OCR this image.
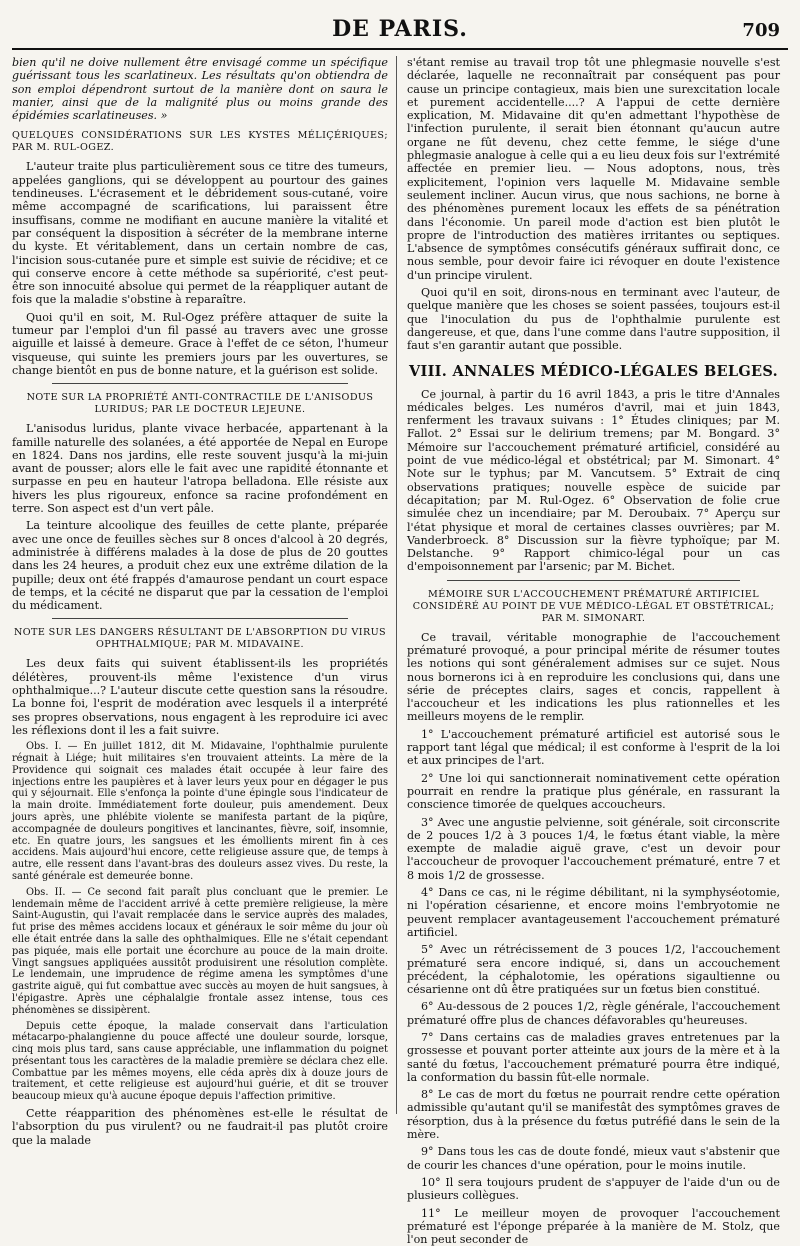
DE PARIS.	709

bien qu'il ne doive nullement être envisagé comme un spécifique guérissant tous les scarlatineux. Les résultats qu'on obtiendra de son emploi dépendront surtout de la manière dont on saura le manier, ainsi que de la malignité plus ou moins grande des épidémies scarlatineuses. »

QUELQUES CONSIDÉRATIONS SUR LES KYSTES MÉLIÇÉRIQUES; PAR M. RUL-OGEZ.

L'auteur traite plus particulièrement sous ce titre des tumeurs, appelées ganglions, qui se développent au pourtour des gaines tendineuses. L'écrasement et le débridement sous-cutané, voire même accompagné de scarifications, lui paraissent être insuffisans, comme ne modifiant en aucune manière la vitalité et par conséquent la disposition à sécréter de la membrane interne du kyste. Et véritablement, dans un certain nombre de cas, l'incision sous-cutanée pure et simple est suivie de récidive; et ce qui conserve encore à cette méthode sa supériorité, c'est peut-être son innocuité absolue qui permet de la réappliquer autant de fois que la maladie s'obstine à reparaître.

Quoi qu'il en soit, M. Rul-Ogez préfère attaquer de suite la tumeur par l'emploi d'un fil passé au travers avec une grosse aiguille et laissé à demeure. Grace à l'effet de ce séton, l'humeur visqueuse, qui suinte les premiers jours par les ouvertures, se change bientôt en pus de bonne nature, et la guérison est solide.

NOTE SUR LA PROPRIÉTÉ ANTI-CONTRACTILE DE L'ANISODUS LURIDUS; PAR LE DOCTEUR LEJEUNE.

L'anisodus luridus, plante vivace herbacée, appartenant à la famille naturelle des solanées, a été apportée de Nepal en Europe en 1824. Dans nos jardins, elle reste souvent jusqu'à la mi-juin avant de pousser; alors elle le fait avec une rapidité étonnante et surpasse en peu en hauteur l'atropa belladona. Elle résiste aux hivers les plus rigoureux, enfonce sa racine profondément en terre. Son aspect est d'un vert pâle.

La teinture alcoolique des feuilles de cette plante, préparée avec une once de feuilles sèches sur 8 onces d'alcool à 20 degrés, administrée à différens malades à la dose de plus de 20 gouttes dans les 24 heures, a produit chez eux une extrême dilation de la pupille; deux ont été frappés d'amaurose pendant un court espace de temps, et la cécité ne disparut que par la cessation de l'emploi du médicament.

NOTE SUR LES DANGERS RÉSULTANT DE L'ABSORPTION DU VIRUS OPHTHALMIQUE; PAR M. MIDAVAINE.

Les deux faits qui suivent établissent-ils les propriétés délétères, prouvent-ils même l'existence d'un virus ophthalmique...? L'auteur discute cette question sans la résoudre. La bonne foi, l'esprit de modération avec lesquels il a interprété ses propres observations, nous engagent à les reproduire ici avec les réflexions dont il les a fait suivre.

Obs. I. — En juillet 1812, dit M. Midavaine, l'ophthalmie purulente régnait à Liége; huit militaires s'en trouvaient atteints. La mère de la Providence qui soignait ces malades était occupée à leur faire des injections entre les paupières et à laver leurs yeux pour en dégager le pus qui y séjournait. Elle s'enfonça la pointe d'une épingle sous l'indicateur de la main droite. Immédiatement forte douleur, puis amendement. Deux jours après, une phlébite violente se manifesta partant de la piqûre, accompagnée de douleurs pongitives et lancinantes, fièvre, soif, insomnie, etc. En quatre jours, les sangsues et les émollients mirent fin à ces accidens. Mais aujourd'hui encore, cette religieuse assure que, de temps à autre, elle ressent dans l'avant-bras des douleurs assez vives. Du reste, la santé générale est demeurée bonne.

Obs. II. — Ce second fait paraît plus concluant que le premier. Le lendemain même de l'accident arrivé à cette première religieuse, la mère Saint-Augustin, qui l'avait remplacée dans le service auprès des malades, fut prise des mêmes accidens locaux et généraux le soir même du jour où elle était entrée dans la salle des ophthalmiques. Elle ne s'était cependant pas piquée, mais elle portait une écorchure au pouce de la main droite. Vingt sangsues appliquées aussitôt produisirent une résolution complète. Le lendemain, une imprudence de régime amena les symptômes d'une gastrite aiguë, qui fut combattue avec succès au moyen de huit sangsues, à l'épigastre. Après une céphalalgie frontale assez intense, tous ces phénomènes se dissipèrent.

Depuis cette époque, la malade conservait dans l'articulation métacarpo-phalangienne du pouce affecté une douleur sourde, lorsque, cinq mois plus tard, sans cause appréciable, une inflammation du poignet présentant tous les caractères de la maladie première se déclara chez elle. Combattue par les mêmes moyens, elle céda après dix à douze jours de traitement, et cette religieuse est aujourd'hui guérie, et dit se trouver beaucoup mieux qu'à aucune époque depuis l'affection primitive.

Cette réapparition des phénomènes est-elle le résultat de l'absorption du pus virulent? ou ne faudrait-il pas plutôt croire que la malade

s'étant remise au travail trop tôt une phlegmasie nouvelle s'est déclarée, laquelle ne reconnaîtrait par conséquent pas pour cause un principe contagieux, mais bien une surexcitation locale et purement accidentelle....? A l'appui de cette dernière explication, M. Midavaine dit qu'en admettant l'hypothèse de l'infection purulente, il serait bien étonnant qu'aucun autre organe ne fût devenu, chez cette femme, le siége d'une phlegmasie analogue à celle qui a eu lieu deux fois sur l'extrémité affectée en premier lieu. — Nous adoptons, nous, très explicitement, l'opinion vers laquelle M. Midavaine semble seulement incliner. Aucun virus, que nous sachions, ne borne à des phénomènes purement locaux les effets de sa pénétration dans l'économie. Un pareil mode d'action est bien plutôt le propre de l'introduction des matières irritantes ou septiques. L'absence de symptômes consécutifs généraux suffirait donc, ce nous semble, pour devoir faire ici révoquer en doute l'existence d'un principe virulent.

Quoi qu'il en soit, dirons-nous en terminant avec l'auteur, de quelque manière que les choses se soient passées, toujours est-il que l'inoculation du pus de l'ophthalmie purulente est dangereuse, et que, dans l'une comme dans l'autre supposition, il faut s'en garantir autant que possible.

VIII. ANNALES MÉDICO-LÉGALES BELGES.

Ce journal, à partir du 16 avril 1843, a pris le titre d'Annales médicales belges. Les numéros d'avril, mai et juin 1843, renferment les travaux suivans : 1° Études cliniques; par M. Fallot. 2° Essai sur le delirium tremens; par M. Bongard. 3° Mémoire sur l'accouchement prématuré artificiel, considéré au point de vue médico-légal et obstétrical; par M. Simonart. 4° Note sur le typhus; par M. Vancutsem. 5° Extrait de cinq observations pratiques; nouvelle espèce de suicide par décapitation; par M. Rul-Ogez. 6° Observation de folie crue simulée chez un incendiaire; par M. Deroubaix. 7° Aperçu sur l'état physique et moral de certaines classes ouvrières; par M. Vanderbroeck. 8° Discussion sur la fièvre typhoïque; par M. Delstanche. 9° Rapport chimico-légal pour un cas d'empoisonnement par l'arsenic; par M. Bichet.

MÉMOIRE SUR L'ACCOUCHEMENT PRÉMATURÉ ARTIFICIEL CONSIDÉRÉ AU POINT DE VUE MÉDICO-LÉGAL ET OBSTÉTRICAL; PAR M. SIMONART.

Ce travail, véritable monographie de l'accouchement prématuré provoqué, a pour principal mérite de résumer toutes les notions qui sont généralement admises sur ce sujet. Nous nous bornerons ici à en reproduire les conclusions qui, dans une série de préceptes clairs, sages et concis, rappellent à l'accoucheur et les indications les plus rationnelles et les meilleurs moyens de le remplir.

1° L'accouchement prématuré artificiel est autorisé sous le rapport tant légal que médical; il est conforme à l'esprit de la loi et aux principes de l'art.

2° Une loi qui sanctionnerait nominativement cette opération pourrait en rendre la pratique plus générale, en rassurant la conscience timorée de quelques accoucheurs.

3° Avec une angustie pelvienne, soit générale, soit circonscrite de 2 pouces 1/2 à 3 pouces 1/4, le fœtus étant viable, la mère exempte de maladie aiguë grave, c'est un devoir pour l'accoucheur de provoquer l'accouchement prématuré, entre 7 et 8 mois 1/2 de grossesse.

4° Dans ce cas, ni le régime débilitant, ni la symphyséotomie, ni l'opération césarienne, et encore moins l'embryotomie ne peuvent remplacer avantageusement l'accouchement prématuré artificiel.

5° Avec un rétrécissement de 3 pouces 1/2, l'accouchement prématuré sera encore indiqué, si, dans un accouchement précédent, la céphalotomie, les opérations sigaultienne ou césarienne ont dû être pratiquées sur un fœtus bien constitué.

6° Au-dessous de 2 pouces 1/2, règle générale, l'accouchement prématuré offre plus de chances défavorables qu'heureuses.

7° Dans certains cas de maladies graves entretenues par la grossesse et pouvant porter atteinte aux jours de la mère et à la santé du fœtus, l'accouchement prématuré pourra être indiqué, la conformation du bassin fût-elle normale.

8° Le cas de mort du fœtus ne pourrait rendre cette opération admissible qu'autant qu'il se manifestât des symptômes graves de résorption, dus à la présence du fœtus putréfié dans le sein de la mère.

9° Dans tous les cas de doute fondé, mieux vaut s'abstenir que de courir les chances d'une opération, pour le moins inutile.

10° Il sera toujours prudent de s'appuyer de l'aide d'un ou de plusieurs collègues.

11° Le meilleur moyen de provoquer l'accouchement prématuré est l'éponge préparée à la manière de M. Stolz, que l'on peut seconder de
